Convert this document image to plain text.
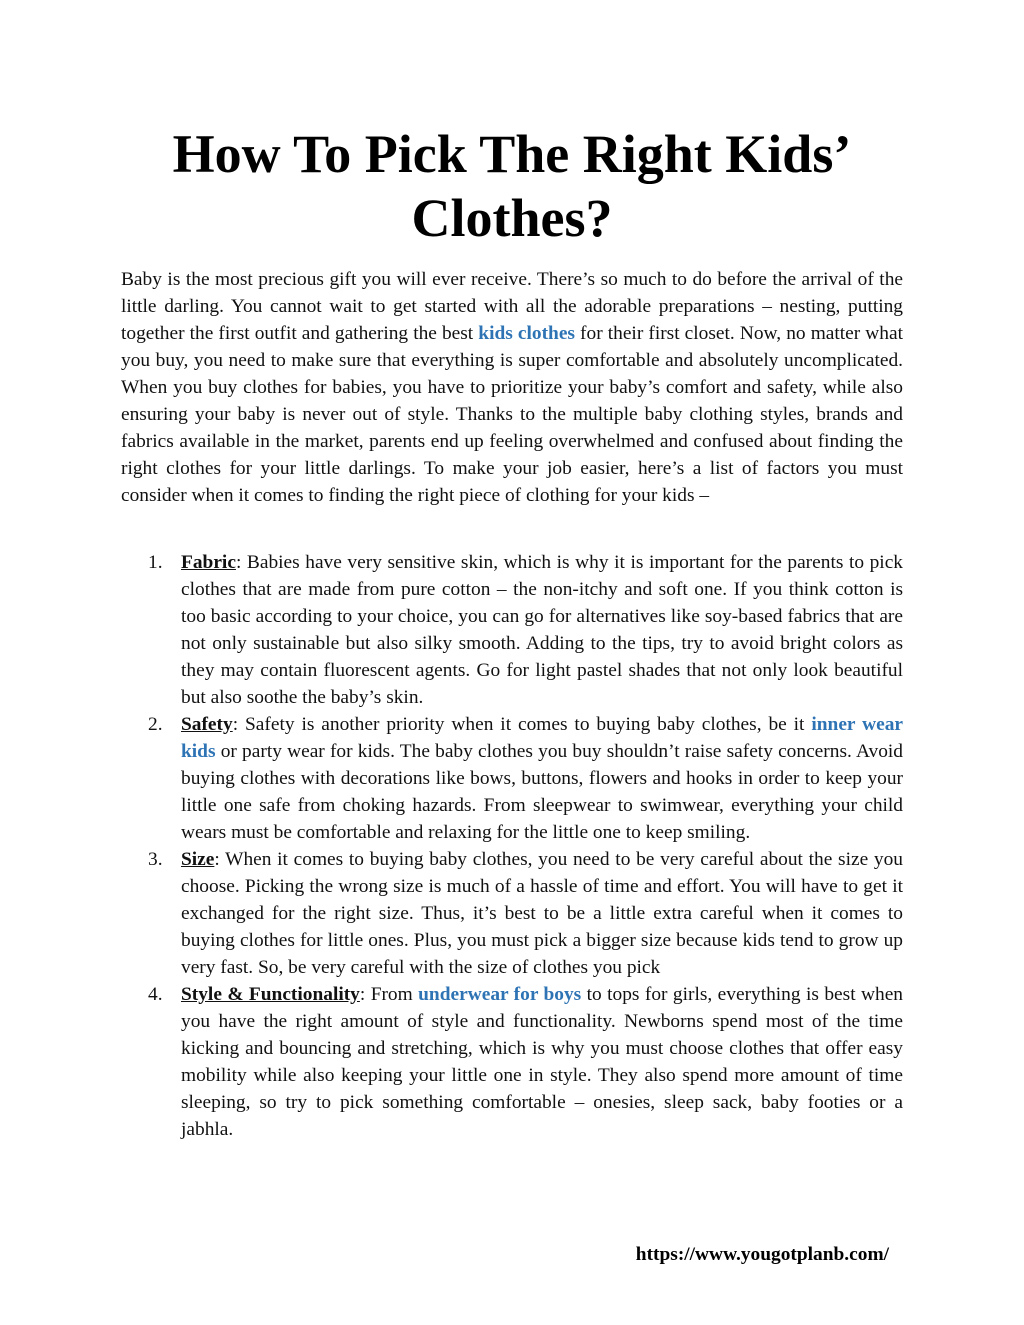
How To Pick The Right Kids’ Clothes?

Baby is the most precious gift you will ever receive. There’s so much to do before the arrival of the little darling. You cannot wait to get started with all the adorable preparations – nesting, putting together the first outfit and gathering the best kids clothes for their first closet. Now, no matter what you buy, you need to make sure that everything is super comfortable and absolutely uncomplicated. When you buy clothes for babies, you have to prioritize your baby’s comfort and safety, while also ensuring your baby is never out of style. Thanks to the multiple baby clothing styles, brands and fabrics available in the market, parents end up feeling overwhelmed and confused about finding the right clothes for your little darlings. To make your job easier, here’s a list of factors you must consider when it comes to finding the right piece of clothing for your kids –

1. Fabric: Babies have very sensitive skin, which is why it is important for the parents to pick clothes that are made from pure cotton – the non-itchy and soft one. If you think cotton is too basic according to your choice, you can go for alternatives like soy-based fabrics that are not only sustainable but also silky smooth. Adding to the tips, try to avoid bright colors as they may contain fluorescent agents. Go for light pastel shades that not only look beautiful but also soothe the baby’s skin.
2. Safety: Safety is another priority when it comes to buying baby clothes, be it inner wear kids or party wear for kids. The baby clothes you buy shouldn’t raise safety concerns. Avoid buying clothes with decorations like bows, buttons, flowers and hooks in order to keep your little one safe from choking hazards. From sleepwear to swimwear, everything your child wears must be comfortable and relaxing for the little one to keep smiling.
3. Size: When it comes to buying baby clothes, you need to be very careful about the size you choose. Picking the wrong size is much of a hassle of time and effort. You will have to get it exchanged for the right size. Thus, it’s best to be a little extra careful when it comes to buying clothes for little ones. Plus, you must pick a bigger size because kids tend to grow up very fast. So, be very careful with the size of clothes you pick
4. Style & Functionality: From underwear for boys to tops for girls, everything is best when you have the right amount of style and functionality. Newborns spend most of the time kicking and bouncing and stretching, which is why you must choose clothes that offer easy mobility while also keeping your little one in style. They also spend more amount of time sleeping, so try to pick something comfortable – onesies, sleep sack, baby footies or a jabhla.

https://www.yougotplanb.com/
